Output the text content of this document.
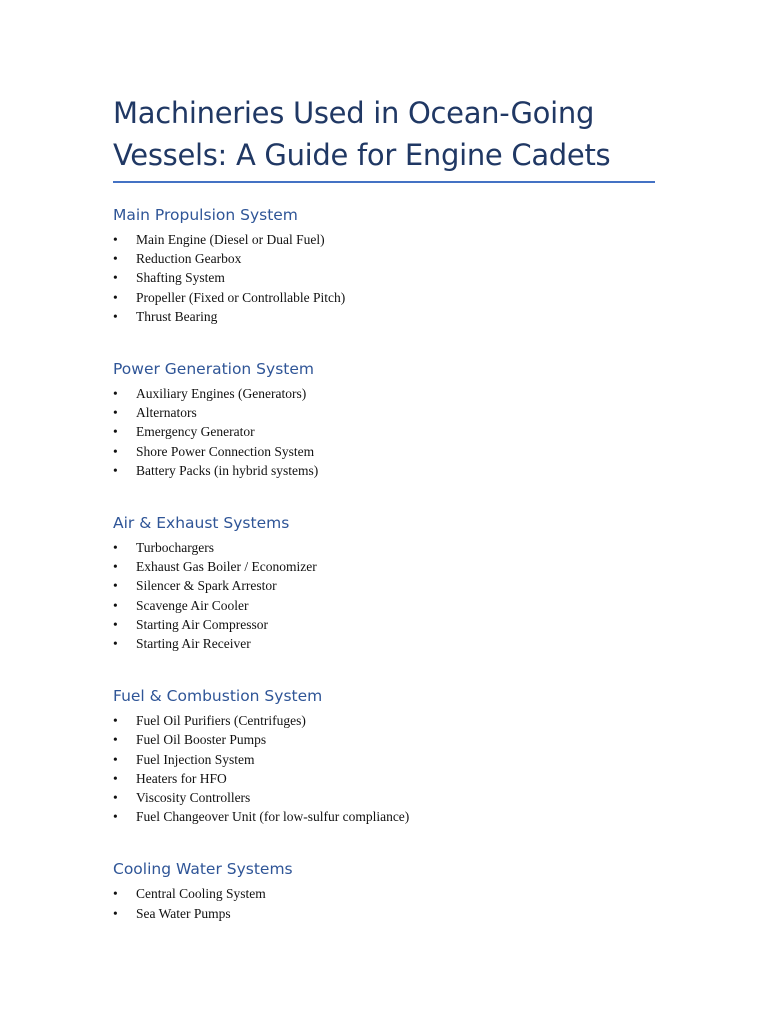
Machineries Used in Ocean-Going Vessels: A Guide for Engine Cadets
Main Propulsion System
• Main Engine (Diesel or Dual Fuel)
• Reduction Gearbox
• Shafting System
• Propeller (Fixed or Controllable Pitch)
• Thrust Bearing
Power Generation System
• Auxiliary Engines (Generators)
• Alternators
• Emergency Generator
• Shore Power Connection System
• Battery Packs (in hybrid systems)
Air & Exhaust Systems
• Turbochargers
• Exhaust Gas Boiler / Economizer
• Silencer & Spark Arrestor
• Scavenge Air Cooler
• Starting Air Compressor
• Starting Air Receiver
Fuel & Combustion System
• Fuel Oil Purifiers (Centrifuges)
• Fuel Oil Booster Pumps
• Fuel Injection System
• Heaters for HFO
• Viscosity Controllers
• Fuel Changeover Unit (for low-sulfur compliance)
Cooling Water Systems
• Central Cooling System
• Sea Water Pumps
